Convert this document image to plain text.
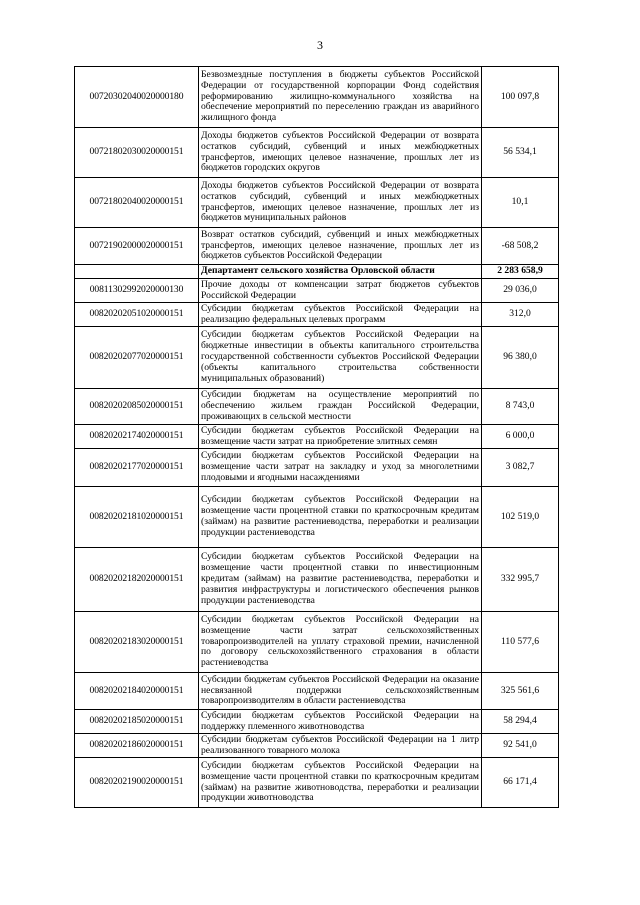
3
00720302040020000180	Безвозмездные поступления в бюджеты субъектов Российской Федерации от государственной корпорации Фонд содействия реформированию жилищно-коммунального хозяйства на обеспечение мероприятий по переселению граждан из аварийного жилищного фонда	100 097,8
00721802030020000151	Доходы бюджетов субъектов Российской Федерации от возврата остатков субсидий, субвенций и иных межбюджетных трансфертов, имеющих целевое назначение, прошлых лет из бюджетов городских округов	56 534,1
00721802040020000151	Доходы бюджетов субъектов Российской Федерации от возврата остатков субсидий, субвенций и иных межбюджетных трансфертов, имеющих целевое назначение, прошлых лет из бюджетов муниципальных районов	10,1
00721902000020000151	Возврат остатков субсидий, субвенций и иных межбюджетных трансфертов, имеющих целевое назначение, прошлых лет из бюджетов субъектов Российской Федерации	-68 508,2
	Департамент сельского хозяйства Орловской области	2 283 658,9
00811302992020000130	Прочие доходы от компенсации затрат бюджетов субъектов Российской Федерации	29 036,0
00820202051020000151	Субсидии бюджетам субъектов Российской Федерации на реализацию федеральных целевых программ	312,0
00820202077020000151	Субсидии бюджетам субъектов Российской Федерации на бюджетные инвестиции в объекты капитального строительства государственной собственности субъектов Российской Федерации (объекты капитального строительства собственности муниципальных образований)	96 380,0
00820202085020000151	Субсидии бюджетам на осуществление мероприятий по обеспечению жильем граждан Российской Федерации, проживающих в сельской местности	8 743,0
00820202174020000151	Субсидии бюджетам субъектов Российской Федерации на возмещение части затрат на приобретение элитных семян	6 000,0
00820202177020000151	Субсидии бюджетам субъектов Российской Федерации на возмещение части затрат на закладку и уход за многолетними плодовыми и ягодными насаждениями	3 082,7
00820202181020000151	Субсидии бюджетам субъектов Российской Федерации на возмещение части процентной ставки по краткосрочным кредитам (займам) на развитие растениеводства, переработки и реализации продукции растениеводства	102 519,0
00820202182020000151	Субсидии бюджетам субъектов Российской Федерации на возмещение части процентной ставки по инвестиционным кредитам (займам) на развитие растениеводства, переработки и развития инфраструктуры и логистического обеспечения рынков продукции растениеводства	332 995,7
00820202183020000151	Субсидии бюджетам субъектов Российской Федерации на возмещение части затрат сельскохозяйственных товаропроизводителей на уплату страховой премии, начисленной по договору сельскохозяйственного страхования в области растениеводства	110 577,6
00820202184020000151	Субсидии бюджетам субъектов Российской Федерации на оказание несвязанной поддержки сельскохозяйственным товаропроизводителям в области растениеводства	325 561,6
00820202185020000151	Субсидии бюджетам субъектов Российской Федерации на поддержку племенного животноводства	58 294,4
00820202186020000151	Субсидии бюджетам субъектов Российской Федерации на 1 литр реализованного товарного молока	92 541,0
00820202190020000151	Субсидии бюджетам субъектов Российской Федерации на возмещение части процентной ставки по краткосрочным кредитам (займам) на развитие животноводства, переработки и реализации продукции животноводства	66 171,4
